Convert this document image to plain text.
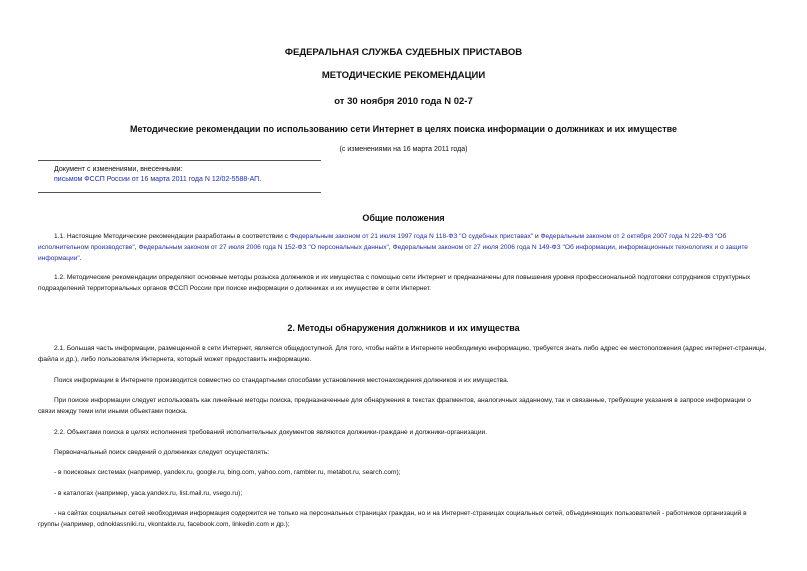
ФЕДЕРАЛЬНАЯ СЛУЖБА СУДЕБНЫХ ПРИСТАВОВ
МЕТОДИЧЕСКИЕ РЕКОМЕНДАЦИИ
от 30 ноября 2010 года N 02-7
Методические рекомендации по использованию сети Интернет в целях поиска информации о должниках и их имуществе
(с изменениями на 16 марта 2011 года)
Документ с изменениями, внесенными:
письмом ФССП России от 16 марта 2011 года N 12/02-5588-АП.
Общие положения
1.1. Настоящие Методические рекомендации разработаны в соответствии с Федеральным законом от 21 июля 1997 года N 118-ФЗ "О судебных приставах" и Федеральным законом от 2 октября 2007 года N 229-ФЗ "Об исполнительном производстве", Федеральным законом от 27 июля 2006 года N 152-ФЗ "О персональных данных", Федеральным законом от 27 июля 2006 года N 149-ФЗ "Об информации, информационных технологиях и о защите информации".
1.2. Методические рекомендации определяют основные методы розыска должников и их имущества с помощью сети Интернет и предназначены для повышения уровня профессиональной подготовки сотрудников структурных подразделений территориальных органов ФССП России при поиске информации о должниках и их имуществе в сети Интернет.
2. Методы обнаружения должников и их имущества
2.1. Большая часть информации, размещенной в сети Интернет, является общедоступной. Для того, чтобы найти в Интернете необходимую информацию, требуется знать либо адрес ее местоположения (адрес интернет-страницы, файла и др.), либо пользователя Интернета, который может предоставить информацию.
Поиск информации в Интернете производится совместно со стандартными способами установления местонахождения должников и их имущества.
При поиске информации следует использовать как линейные методы поиска, предназначенные для обнаружения в текстах фрагментов, аналогичных заданному, так и связанные, требующие указания в запросе информации о связи между теми или иными объектами поиска.
2.2. Объектами поиска в целях исполнения требований исполнительных документов являются должники-граждане и должники-организации.
Первоначальный поиск сведений о должниках следует осуществлять:
- в поисковых системах (например, yandex.ru, google.ru, bing.com, yahoo.com, rambler.ru, metabot.ru, search.com);
- в каталогах (например, yaca.yandex.ru, list.mail.ru, vsego.ru);
- на сайтах социальных сетей необходимая информация содержится не только на персональных страницах граждан, но и на Интернет-страницах социальных сетей, объединяющих пользователей - работников организаций в группы (например, odnoklassniki.ru, vkontakte.ru, facebook.com, linkedin.com и др.);
